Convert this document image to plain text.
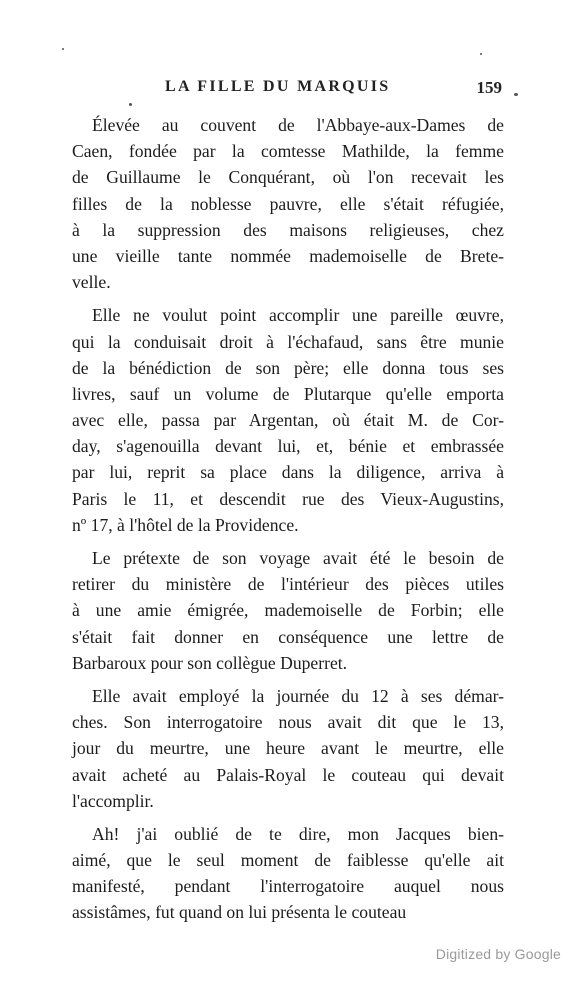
LA FILLE DU MARQUIS	159
Élevée au couvent de l'Abbaye-aux-Dames de
Caen, fondée par la comtesse Mathilde, la femme
de Guillaume le Conquérant, où l'on recevait les
filles de la noblesse pauvre, elle s'était réfugiée,
à la suppression des maisons religieuses, chez
une vieille tante nommée mademoiselle de Brete-
velle.
Elle ne voulut point accomplir une pareille œuvre,
qui la conduisait droit à l'échafaud, sans être munie
de la bénédiction de son père; elle donna tous ses
livres, sauf un volume de Plutarque qu'elle emporta
avec elle, passa par Argentan, où était M. de Cor-
day, s'agenouilla devant lui, et, bénie et embrassée
par lui, reprit sa place dans la diligence, arriva à
Paris le 11, et descendit rue des Vieux-Augustins,
nº 17, à l'hôtel de la Providence.
Le prétexte de son voyage avait été le besoin de
retirer du ministère de l'intérieur des pièces utiles
à une amie émigrée, mademoiselle de Forbin; elle
s'était fait donner en conséquence une lettre de
Barbaroux pour son collègue Duperret.
Elle avait employé la journée du 12 à ses démar-
ches. Son interrogatoire nous avait dit que le 13,
jour du meurtre, une heure avant le meurtre, elle
avait acheté au Palais-Royal le couteau qui devait
l'accomplir.
Ah! j'ai oublié de te dire, mon Jacques bien-
aimé, que le seul moment de faiblesse qu'elle ait
manifesté, pendant l'interrogatoire auquel nous
assistâmes, fut quand on lui présenta le couteau
Digitized by Google
